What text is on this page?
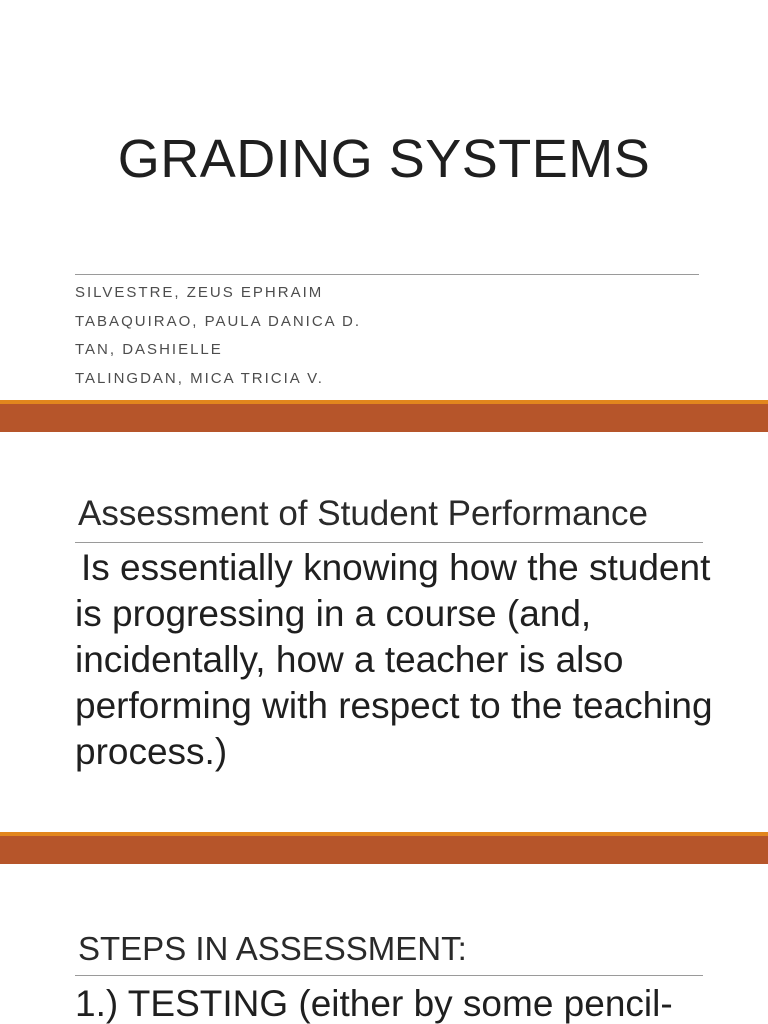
GRADING SYSTEMS
SILVESTRE, ZEUS EPHRAIM
TABAQUIRAO, PAULA DANICA D.
TAN, DASHIELLE
TALINGDAN, MICA TRICIA V.
Assessment of Student Performance
Is essentially knowing how the student is progressing in a course (and, incidentally, how a teacher is also performing with respect to the teaching process.)
STEPS IN ASSESSMENT:
1.) TESTING (either by some pencil-
